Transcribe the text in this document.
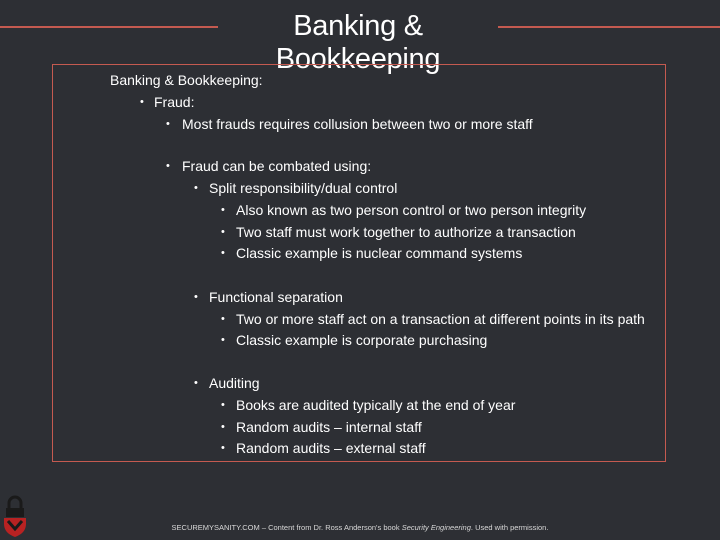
Banking & Bookkeeping
Banking & Bookkeeping:
• Fraud:
• Most frauds requires collusion between two or more staff
• Fraud can be combated using:
• Split responsibility/dual control
• Also known as two person control or two person integrity
• Two staff must work together to authorize a transaction
• Classic example is nuclear command systems
• Functional separation
• Two or more staff act on a transaction at different points in its path
• Classic example is corporate purchasing
• Auditing
• Books are audited typically at the end of year
• Random audits – internal staff
• Random audits – external staff
SECUREMYSANITY.COM – Content from Dr. Ross Anderson's book Security Engineering. Used with permission.
